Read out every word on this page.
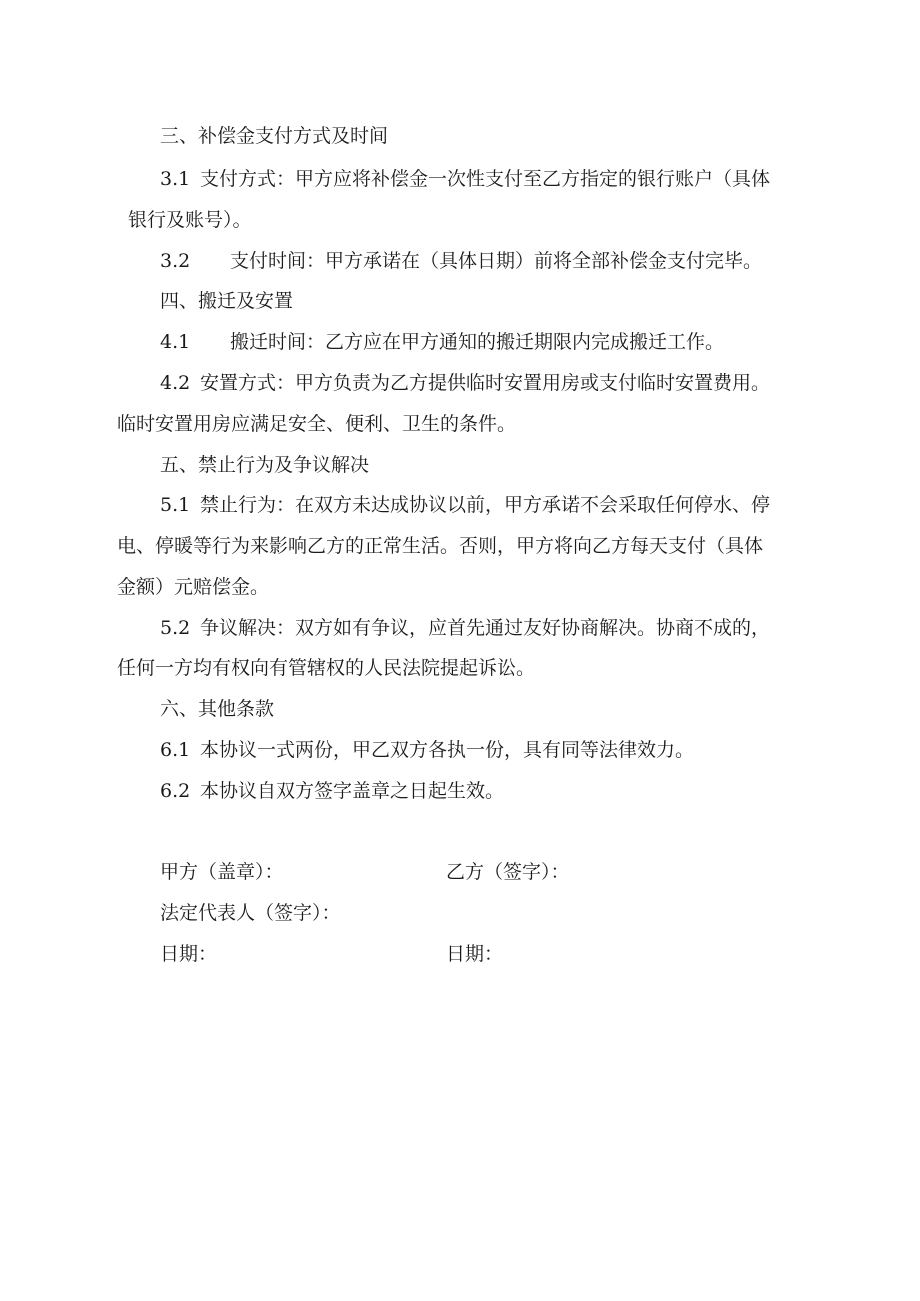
三、补偿金支付方式及时间
3.1 支付方式：甲方应将补偿金一次性支付至乙方指定的银行账户（具体
银行及账号）。
3.2 支付时间：甲方承诺在（具体日期）前将全部补偿金支付完毕。
四、搬迁及安置
4.1 搬迁时间：乙方应在甲方通知的搬迁期限内完成搬迁工作。
4.2 安置方式：甲方负责为乙方提供临时安置用房或支付临时安置费用。
临时安置用房应满足安全、便利、卫生的条件。
五、禁止行为及争议解决
5.1 禁止行为：在双方未达成协议以前，甲方承诺不会采取任何停水、停
电、停暖等行为来影响乙方的正常生活。否则，甲方将向乙方每天支付（具体
金额）元赔偿金。
5.2 争议解决：双方如有争议，应首先通过友好协商解决。协商不成的，
任何一方均有权向有管辖权的人民法院提起诉讼。
六、其他条款
6.1 本协议一式两份，甲乙双方各执一份，具有同等法律效力。
6.2 本协议自双方签字盖章之日起生效。
甲方（盖章）：	乙方（签字）：
法定代表人（签字）：
日期：	日期：
